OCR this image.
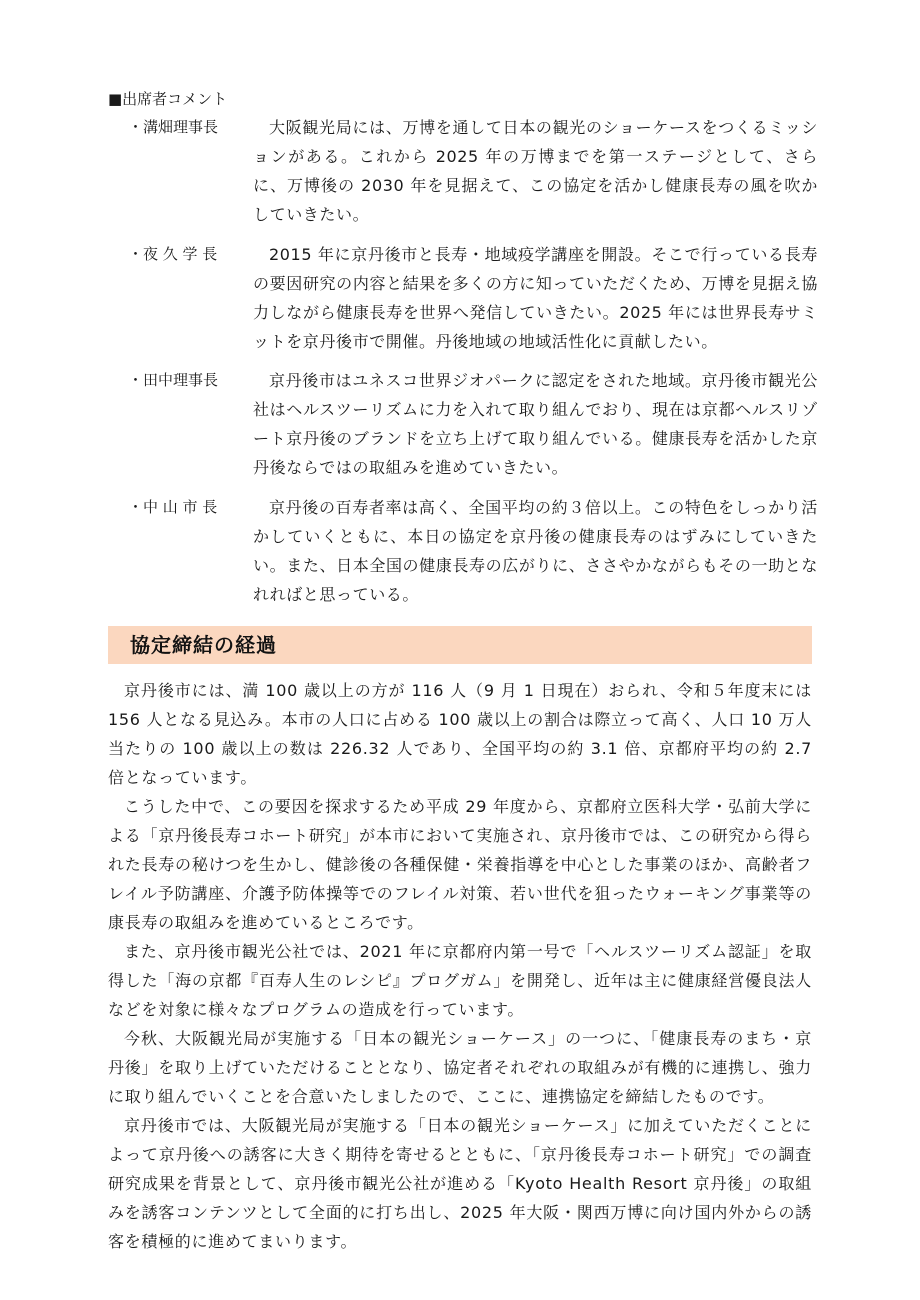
■出席者コメント
・溝畑理事長	大阪観光局には、万博を通して日本の観光のショーケースをつくるミッションがある。これから 2025 年の万博までを第一ステージとして、さらに、万博後の 2030 年を見据えて、この協定を活かし健康長寿の風を吹かしていきたい。
・夜 久 学 長	2015 年に京丹後市と長寿・地域疫学講座を開設。そこで行っている長寿の要因研究の内容と結果を多くの方に知っていただくため、万博を見据え協力しながら健康長寿を世界へ発信していきたい。2025 年には世界長寿サミットを京丹後市で開催。丹後地域の地域活性化に貢献したい。
・田中理事長	京丹後市はユネスコ世界ジオパークに認定をされた地域。京丹後市観光公社はヘルスツーリズムに力を入れて取り組んでおり、現在は京都ヘルスリゾート京丹後のブランドを立ち上げて取り組んでいる。健康長寿を活かした京丹後ならではの取組みを進めていきたい。
・中 山 市 長	京丹後の百寿者率は高く、全国平均の約３倍以上。この特色をしっかり活かしていくともに、本日の協定を京丹後の健康長寿のはずみにしていきたい。また、日本全国の健康長寿の広がりに、ささやかながらもその一助となれればと思っている。
協定締結の経過

京丹後市には、満 100 歳以上の方が 116 人（9 月 1 日現在）おられ、令和５年度末には 156 人となる見込み。本市の人口に占める 100 歳以上の割合は際立って高く、人口 10 万人当たりの 100 歳以上の数は 226.32 人であり、全国平均の約 3.1 倍、京都府平均の約 2.7 倍となっています。

こうした中で、この要因を探求するため平成 29 年度から、京都府立医科大学・弘前大学による「京丹後長寿コホート研究」が本市において実施され、京丹後市では、この研究から得られた長寿の秘けつを生かし、健診後の各種保健・栄養指導を中心とした事業のほか、高齢者フレイル予防講座、介護予防体操等でのフレイル対策、若い世代を狙ったウォーキング事業等の康長寿の取組みを進めているところです。

また、京丹後市観光公社では、2021 年に京都府内第一号で「ヘルスツーリズム認証」を取得した「海の京都『百寿人生のレシピ』プログガム」を開発し、近年は主に健康経営優良法人などを対象に様々なプログラムの造成を行っています。

今秋、大阪観光局が実施する「日本の観光ショーケース」の一つに、「健康長寿のまち・京丹後」を取り上げていただけることとなり、協定者それぞれの取組みが有機的に連携し、強力に取り組んでいくことを合意いたしましたので、ここに、連携協定を締結したものです。

京丹後市では、大阪観光局が実施する「日本の観光ショーケース」に加えていただくことによって京丹後への誘客に大きく期待を寄せるとともに、「京丹後長寿コホート研究」での調査研究成果を背景として、京丹後市観光公社が進める「Kyoto Health Resort 京丹後」の取組みを誘客コンテンツとして全面的に打ち出し、2025 年大阪・関西万博に向け国内外からの誘客を積極的に進めてまいります。
